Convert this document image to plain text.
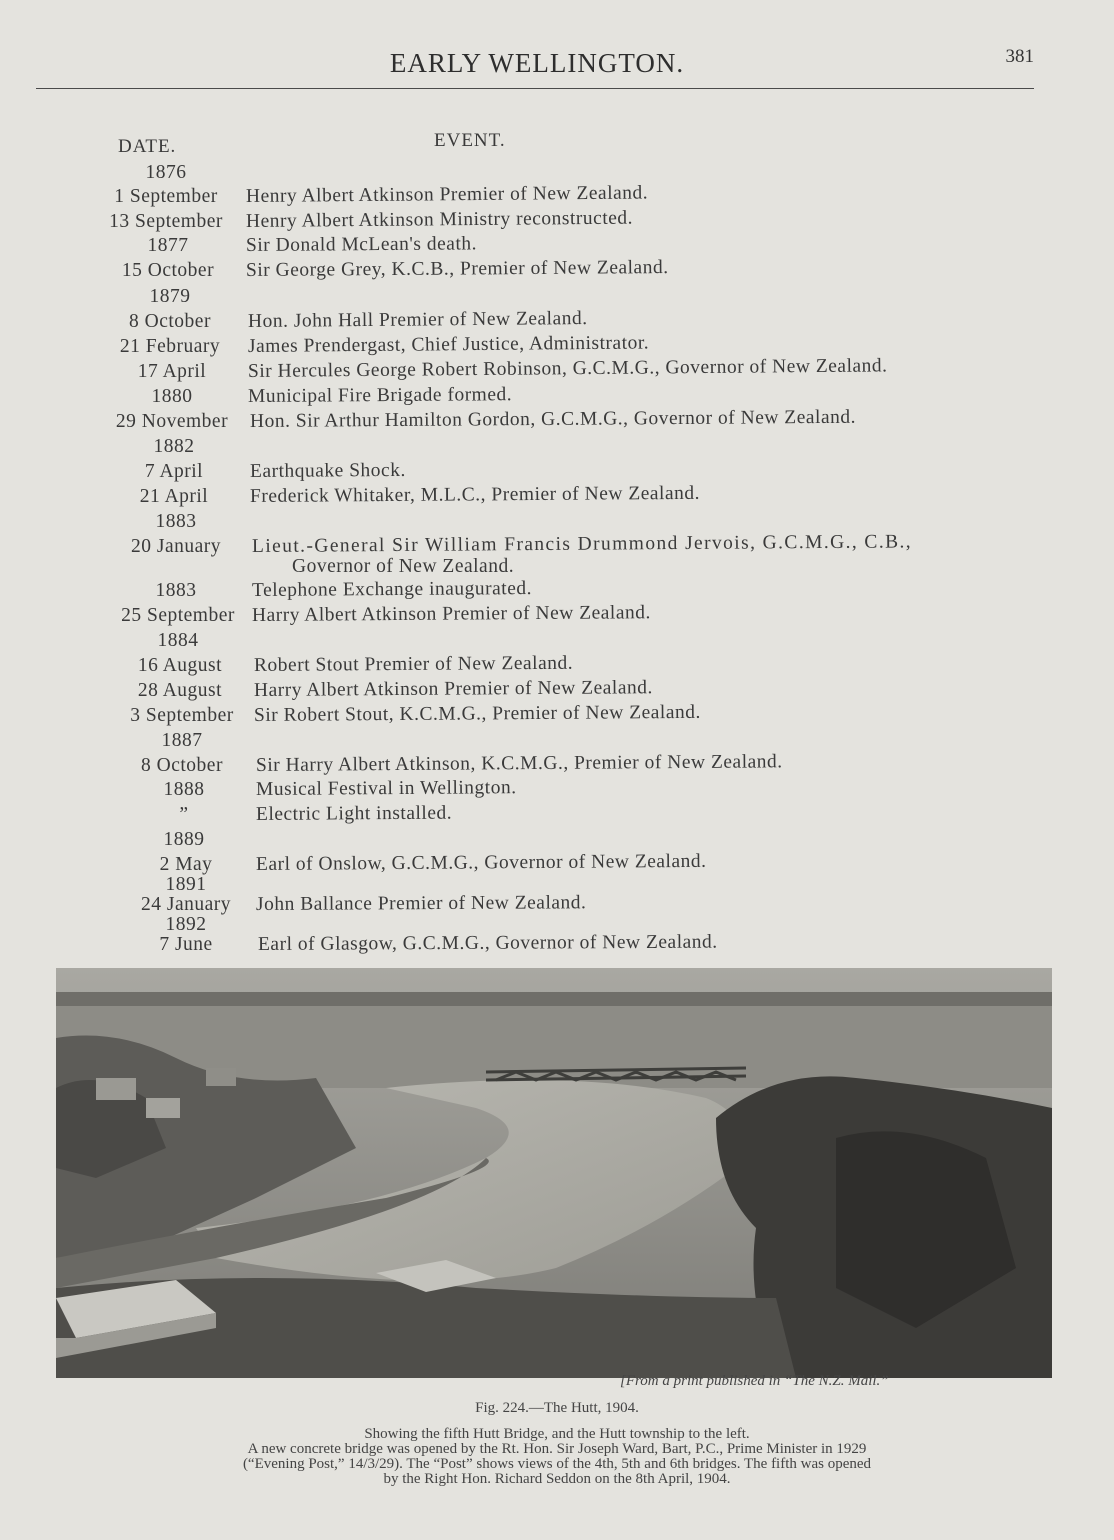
EARLY WELLINGTON.	381
DATE.	EVENT.
1876
1 September	Henry Albert Atkinson Premier of New Zealand.
13 September	Henry Albert Atkinson Ministry reconstructed.
1877	Sir Donald McLean's death.
15 October	Sir George Grey, K.C.B., Premier of New Zealand.
1879
8 October	Hon. John Hall Premier of New Zealand.
21 February	James Prendergast, Chief Justice, Administrator.
17 April	Sir Hercules George Robert Robinson, G.C.M.G., Governor of New Zealand.
1880	Municipal Fire Brigade formed.
29 November	Hon. Sir Arthur Hamilton Gordon, G.C.M.G., Governor of New Zealand.
1882
7 April	Earthquake Shock.
21 April	Frederick Whitaker, M.L.C., Premier of New Zealand.
1883
20 January	Lieut.-General Sir William Francis Drummond Jervois, G.C.M.G., C.B.,
Governor of New Zealand.
1883	Telephone Exchange inaugurated.
25 September Harry Albert Atkinson Premier of New Zealand.
1884
16 August	Robert Stout Premier of New Zealand.
28 August	Harry Albert Atkinson Premier of New Zealand.
3 September	Sir Robert Stout, K.C.M.G., Premier of New Zealand.
1887
8 October	Sir Harry Albert Atkinson, K.C.M.G., Premier of New Zealand.
1888	Musical Festival in Wellington.
”	Electric Light installed.
1889
2 May	Earl of Onslow, G.C.M.G., Governor of New Zealand.
1891
24 January	John Ballance Premier of New Zealand.
1892
7 June	Earl of Glasgow, G.C.M.G., Governor of New Zealand.
[From a print published in “The N.Z. Mail.”
Fig. 224.—The Hutt, 1904.
Showing the fifth Hutt Bridge, and the Hutt township to the left.
A new concrete bridge was opened by the Rt. Hon. Sir Joseph Ward, Bart, P.C., Prime Minister in 1929
(“Evening Post,” 14/3/29). The “Post” shows views of the 4th, 5th and 6th bridges. The fifth was opened
by the Right Hon. Richard Seddon on the 8th April, 1904.
